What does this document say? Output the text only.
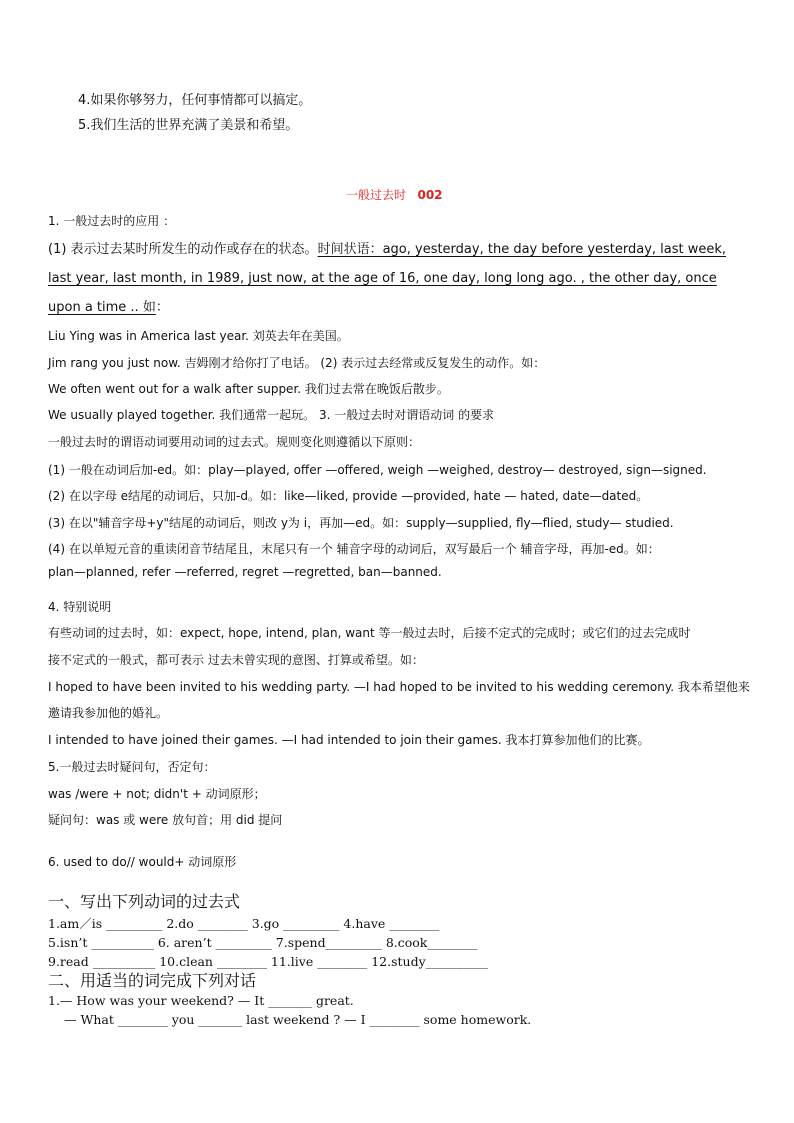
4.如果你够努力，任何事情都可以搞定。
5.我们生活的世界充满了美景和希望。
一般过去时 002
1. 一般过去时的应用 ：
(1) 表示过去某时所发生的动作或存在的状态。时间状语：ago, yesterday, the day before yesterday, last week,
last year, last month, in 1989, just now, at the age of 16, one day, long long ago. , the other day, once
upon a time .. 如：
Liu Ying was in America last year. 刘英去年在美国。
Jim rang you just now. 吉姆刚才给你打了电话。 (2) 表示过去经常或反复发生的动作。如：
We often went out for a walk after supper. 我们过去常在晚饭后散步。
We usually played together. 我们通常一起玩。 3. 一般过去时对谓语动词 的要求
一般过去时的谓语动词要用动词的过去式。规则变化则遵循以下原则：
(1) 一般在动词后加-ed。如：play—played, offer —offered, weigh —weighed, destroy— destroyed, sign—signed.
(2) 在以字母 e结尾的动词后，只加-d。如：like—liked, provide —provided, hate — hated, date—dated。
(3) 在以"辅音字母+y"结尾的动词后，则改 y为 i，再加—ed。如：supply—supplied, fly—flied, study— studied.
(4) 在以单短元音的重读闭音节结尾且，末尾只有一个 辅音字母的动词后，双写最后一个 辅音字母，再加-ed。如：
plan—planned, refer —referred, regret —regretted, ban—banned.
4. 特别说明
有些动词的过去时，如：expect, hope, intend, plan, want 等一般过去时，后接不定式的完成时；或它们的过去完成时
接不定式的一般式，都可表示 过去未曾实现的意图、打算或希望。如：
I hoped to have been invited to his wedding party. —I had hoped to be invited to his wedding ceremony. 我本希望他来
邀请我参加他的婚礼。
I intended to have joined their games. —I had intended to join their games. 我本打算参加他们的比赛。
5.一般过去时疑问句，否定句：
was /were + not; didn't + 动词原形；
疑问句：was 或 were 放句首；用 did 提问
6. used to do// would+ 动词原形
一、写出下列动词的过去式
1.am／is _________ 2.do ________ 3.go _________ 4.have ________
5.isn’t __________ 6. aren’t _________ 7.spend_________ 8.cook________
9.read __________ 10.clean ________ 11.live ________ 12.study__________
二、用适当的词完成下列对话
1.— How was your weekend? — It _______ great.
— What ________ you _______ last weekend ? — I ________ some homework.
